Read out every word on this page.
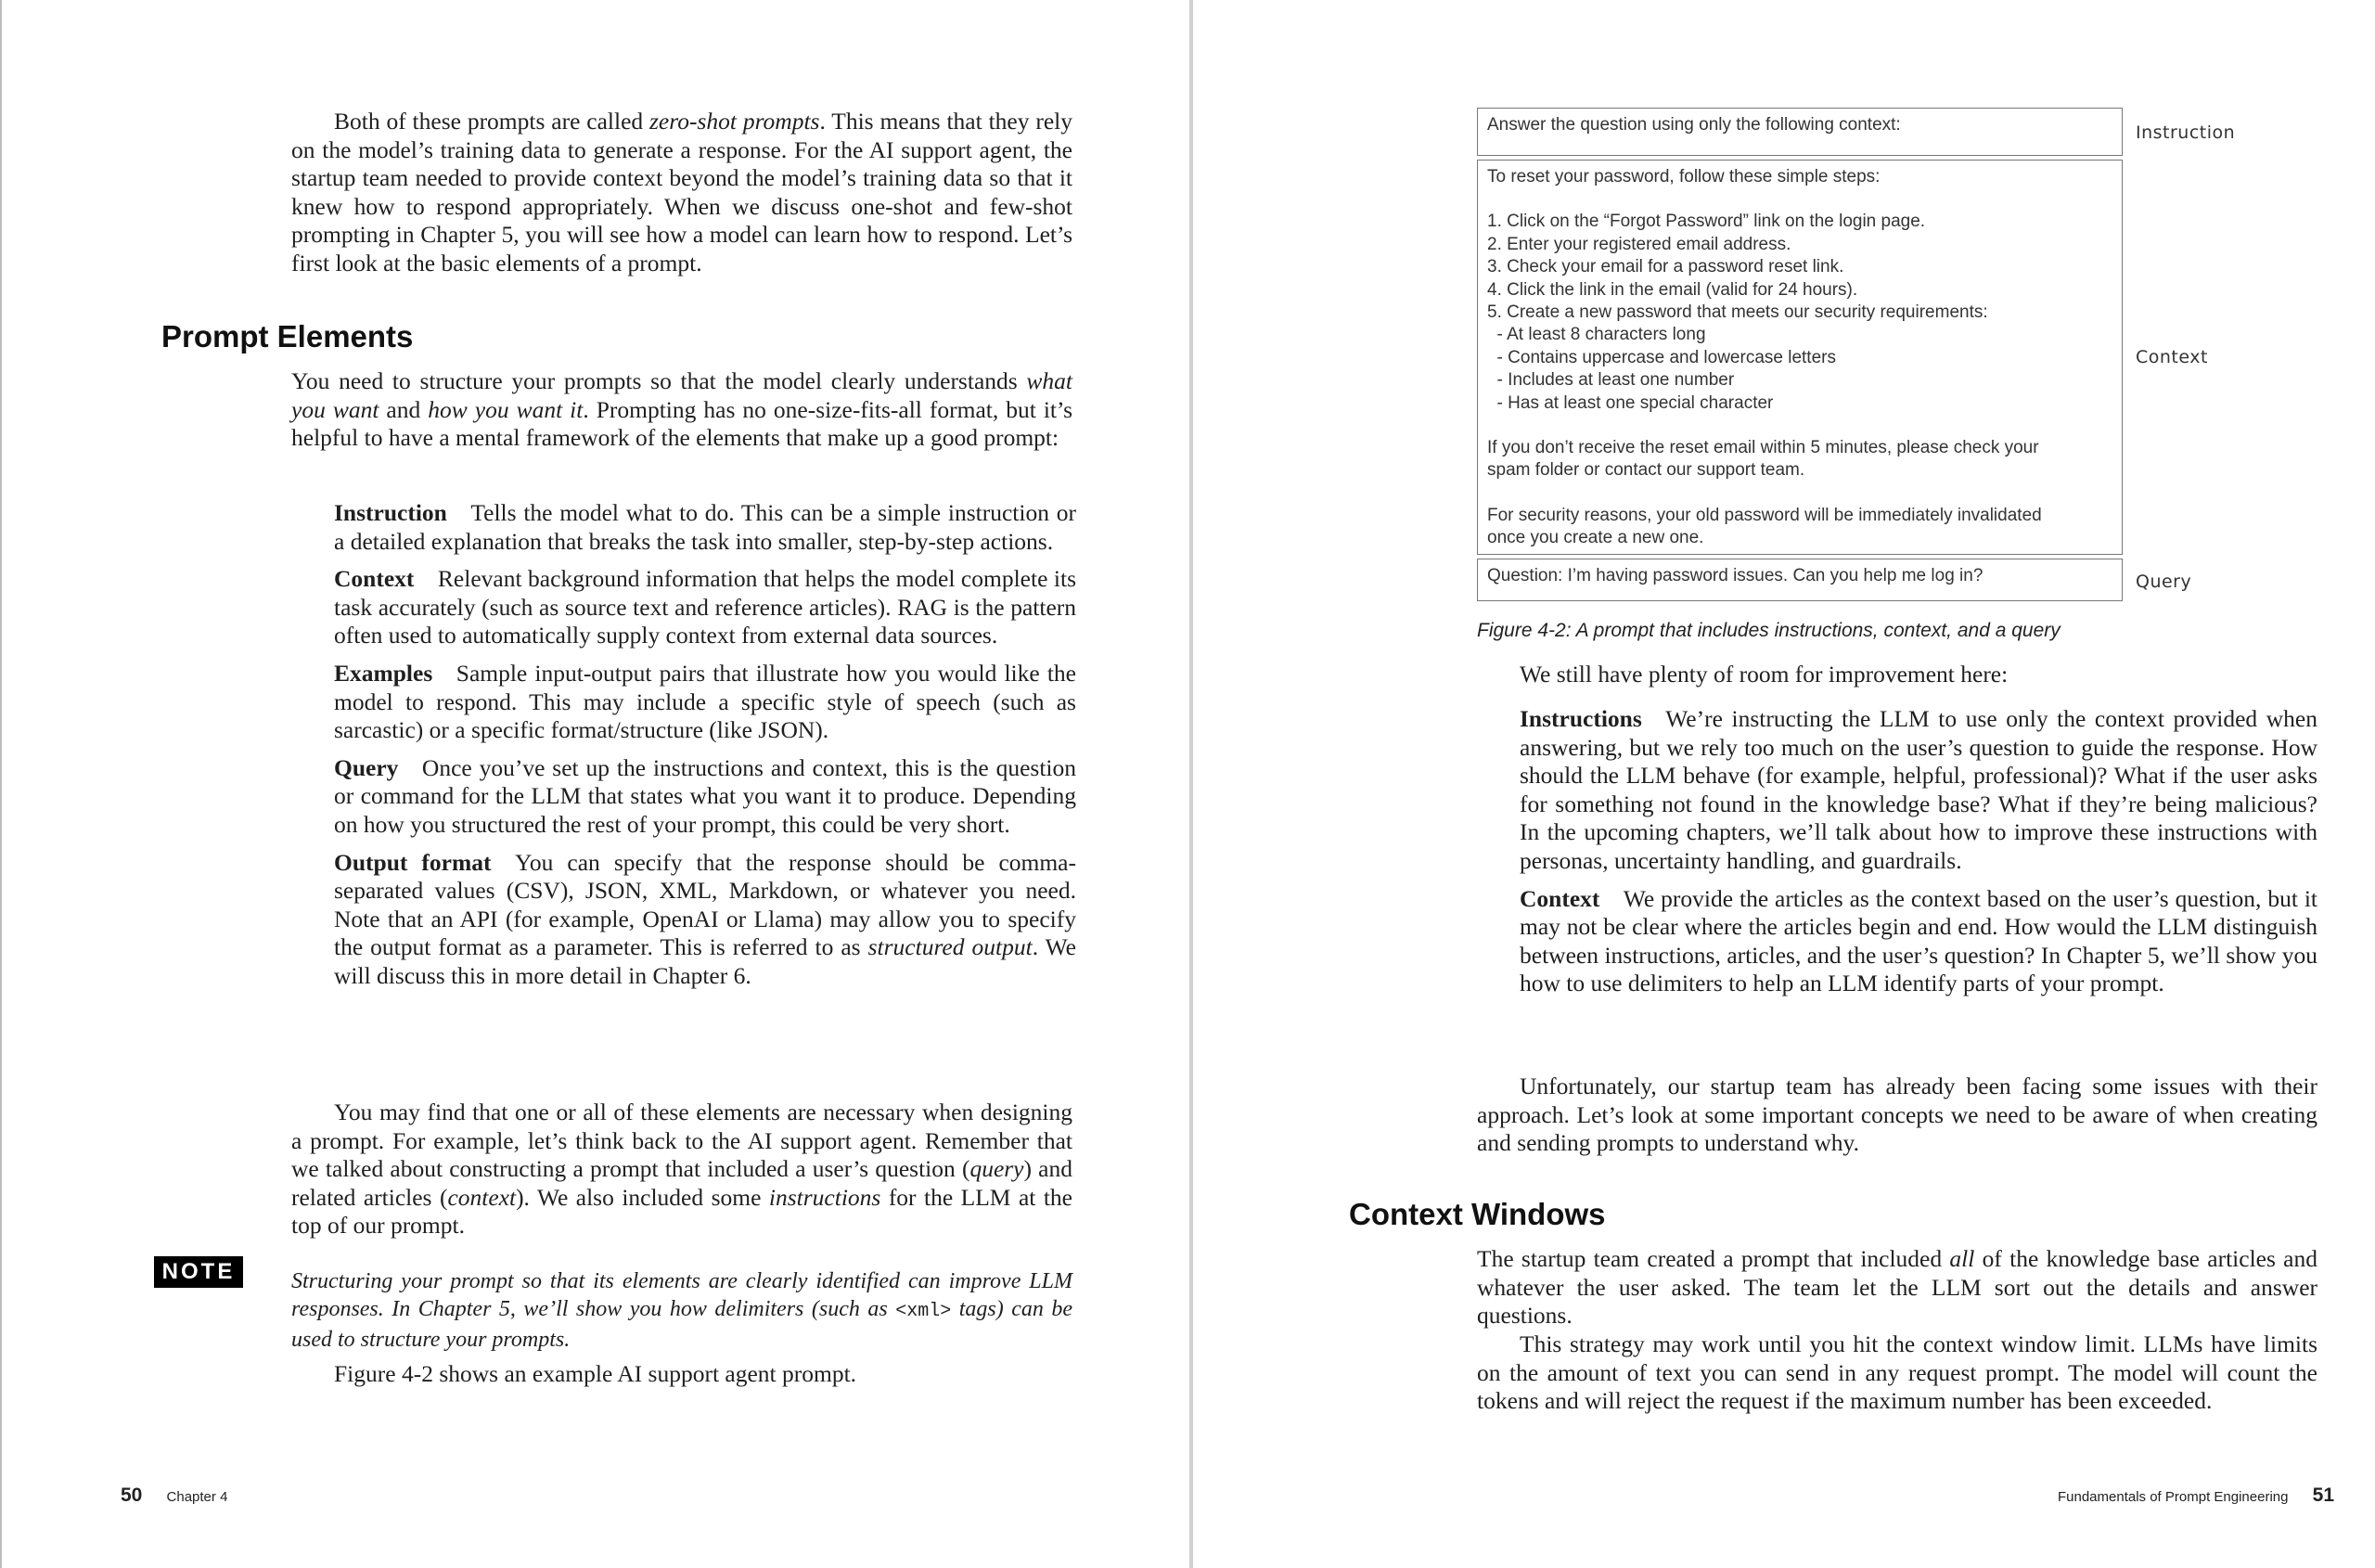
Both of these prompts are called zero-shot prompts. This means that they rely on the model’s training data to generate a response. For the AI support agent, the startup team needed to provide context beyond the model’s training data so that it knew how to respond appropriately. When we discuss one-shot and few-shot prompting in Chapter 5, you will see how a model can learn how to respond. Let’s first look at the basic elements of a prompt.

Prompt Elements

You need to structure your prompts so that the model clearly understands what you want and how you want it. Prompting has no one-size-fits-all format, but it’s helpful to have a mental framework of the elements that make up a good prompt:

Instruction  Tells the model what to do. This can be a simple instruction or a detailed explanation that breaks the task into smaller, step-by-step actions.

Context  Relevant background information that helps the model complete its task accurately (such as source text and reference articles). RAG is the pattern often used to automatically supply context from external data sources.

Examples  Sample input-output pairs that illustrate how you would like the model to respond. This may include a specific style of speech (such as sarcastic) or a specific format/structure (like JSON).

Query  Once you’ve set up the instructions and context, this is the question or command for the LLM that states what you want it to produce. Depending on how you structured the rest of your prompt, this could be very short.

Output format  You can specify that the response should be comma-separated values (CSV), JSON, XML, Markdown, or whatever you need. Note that an API (for example, OpenAI or Llama) may allow you to specify the output format as a parameter. This is referred to as structured output. We will discuss this in more detail in Chapter 6.

You may find that one or all of these elements are necessary when designing a prompt. For example, let’s think back to the AI support agent. Remember that we talked about constructing a prompt that included a user’s question (query) and related articles (context). We also included some instructions for the LLM at the top of our prompt.

NOTE	Structuring your prompt so that its elements are clearly identified can improve LLM responses. In Chapter 5, we’ll show you how delimiters (such as <xml> tags) can be used to structure your prompts.

Figure 4-2 shows an example AI support agent prompt.

50 Chapter 4
Answer the question using only the following context:	Instruction
To reset your password, follow these simple steps:
1. Click on the “Forgot Password” link on the login page.
2. Enter your registered email address.
3. Check your email for a password reset link.
4. Click the link in the email (valid for 24 hours).
5. Create a new password that meets our security requirements:
- At least 8 characters long
- Contains uppercase and lowercase letters
- Includes at least one number
- Has at least one special character
If you don’t receive the reset email within 5 minutes, please check your
spam folder or contact our support team.
For security reasons, your old password will be immediately invalidated
once you create a new one.
Context
Question: I’m having password issues. Can you help me log in?	Query
Figure 4-2: A prompt that includes instructions, context, and a query

We still have plenty of room for improvement here:

Instructions  We’re instructing the LLM to use only the context provided when answering, but we rely too much on the user’s question to guide the response. How should the LLM behave (for example, helpful, professional)? What if the user asks for something not found in the knowledge base? What if they’re being malicious? In the upcoming chapters, we’ll talk about how to improve these instructions with personas, uncertainty handling, and guardrails.

Context  We provide the articles as the context based on the user’s question, but it may not be clear where the articles begin and end. How would the LLM distinguish between instructions, articles, and the user’s question? In Chapter 5, we’ll show you how to use delimiters to help an LLM identify parts of your prompt.

Unfortunately, our startup team has already been facing some issues with their approach. Let’s look at some important concepts we need to be aware of when creating and sending prompts to understand why.

Context Windows

The startup team created a prompt that included all of the knowledge base articles and whatever the user asked. The team let the LLM sort out the details and answer questions.

This strategy may work until you hit the context window limit. LLMs have limits on the amount of text you can send in any request prompt. The model will count the tokens and will reject the request if the maximum number has been exceeded.

Fundamentals of Prompt Engineering 51
